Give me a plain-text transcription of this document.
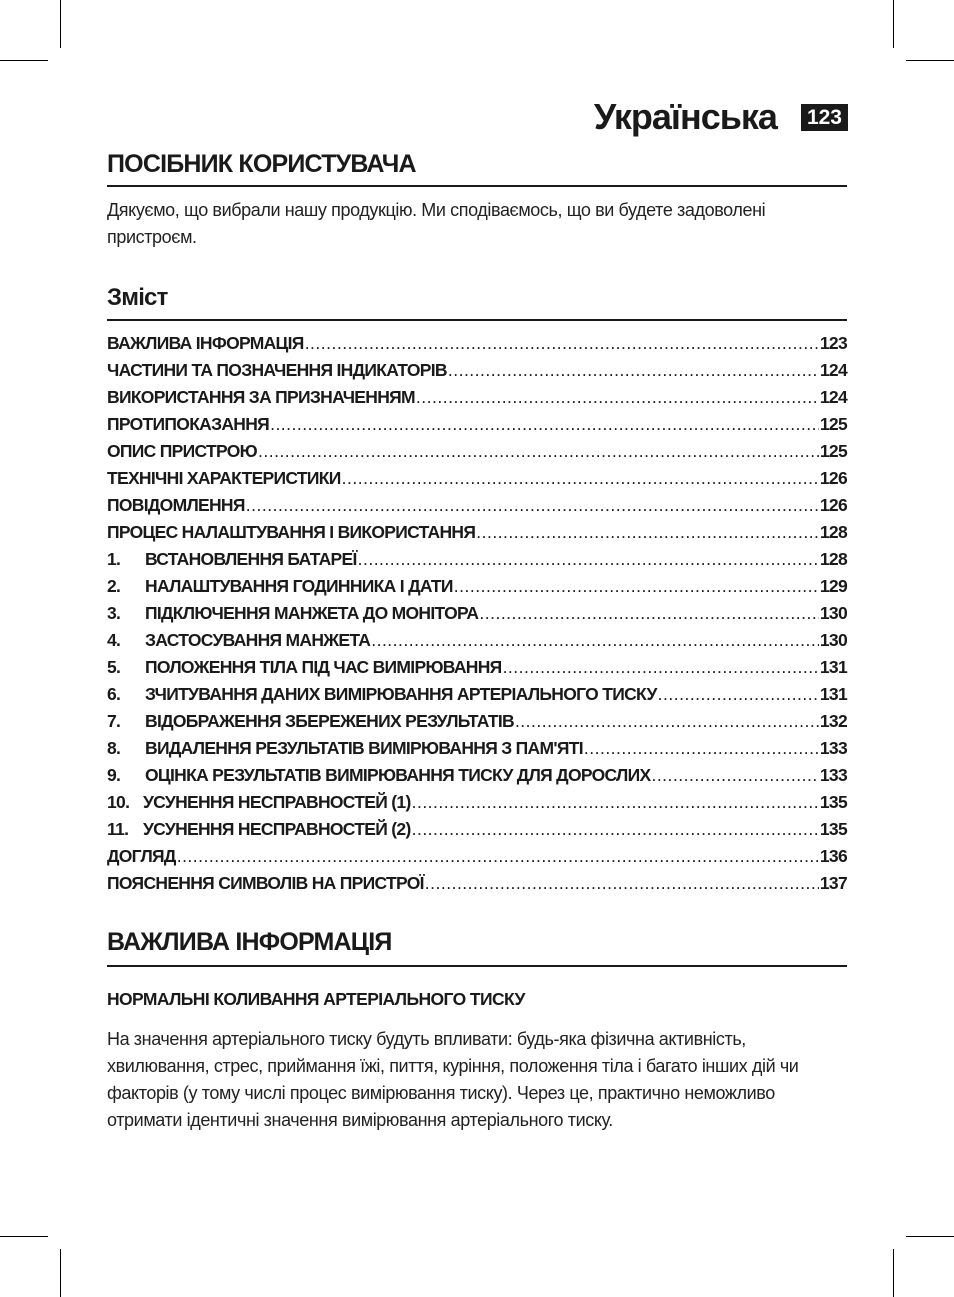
Українська 123
ПОСІБНИК КОРИСТУВАЧА
Дякуємо, що вибрали нашу продукцію. Ми сподіваємось, що ви будете задоволені пристроєм.
Зміст
ВАЖЛИВА ІНФОРМАЦІЯ .....	123
ЧАСТИНИ ТА ПОЗНАЧЕННЯ ІНДИКАТОРІВ .....	124
ВИКОРИСТАННЯ ЗА ПРИЗНАЧЕННЯМ .....	124
ПРОТИПОКАЗАННЯ .....	125
ОПИС ПРИСТРОЮ .....	125
ТЕХНІЧНІ ХАРАКТЕРИСТИКИ .....	126
ПОВІДОМЛЕННЯ .....	126
ПРОЦЕС НАЛАШТУВАННЯ І ВИКОРИСТАННЯ .....	128
1.	ВСТАНОВЛЕННЯ БАТАРЕЇ .....	128
2.	НАЛАШТУВАННЯ ГОДИННИКА І ДАТИ .....	129
3.	ПІДКЛЮЧЕННЯ МАНЖЕТА ДО МОНІТОРА .....	130
4.	ЗАСТОСУВАННЯ МАНЖЕТА .....	130
5.	ПОЛОЖЕННЯ ТІЛА ПІД ЧАС ВИМІРЮВАННЯ .....	131
6.	ЗЧИТУВАННЯ ДАНИХ ВИМІРЮВАННЯ АРТЕРІАЛЬНОГО ТИСКУ .....	131
7.	ВІДОБРАЖЕННЯ ЗБЕРЕЖЕНИХ РЕЗУЛЬТАТІВ .....	132
8.	ВИДАЛЕННЯ РЕЗУЛЬТАТІВ ВИМІРЮВАННЯ З ПАМ'ЯТІ .....	133
9.	ОЦІНКА РЕЗУЛЬТАТІВ ВИМІРЮВАННЯ ТИСКУ ДЛЯ ДОРОСЛИХ .....	133
10. УСУНЕННЯ НЕСПРАВНОСТЕЙ (1) .....	135
11. УСУНЕННЯ НЕСПРАВНОСТЕЙ (2) .....	135
ДОГЛЯД .....	136
ПОЯСНЕННЯ СИМВОЛІВ НА ПРИСТРОЇ .....	137
ВАЖЛИВА ІНФОРМАЦІЯ
НОРМАЛЬНІ КОЛИВАННЯ АРТЕРІАЛЬНОГО ТИСКУ
На значення артеріального тиску будуть впливати: будь-яка фізична активність, хвилювання, стрес, приймання їжі, пиття, куріння, положення тіла і багато інших дій чи факторів (у тому числі процес вимірювання тиску). Через це, практично неможливо отримати ідентичні значення вимірювання артеріального тиску.
